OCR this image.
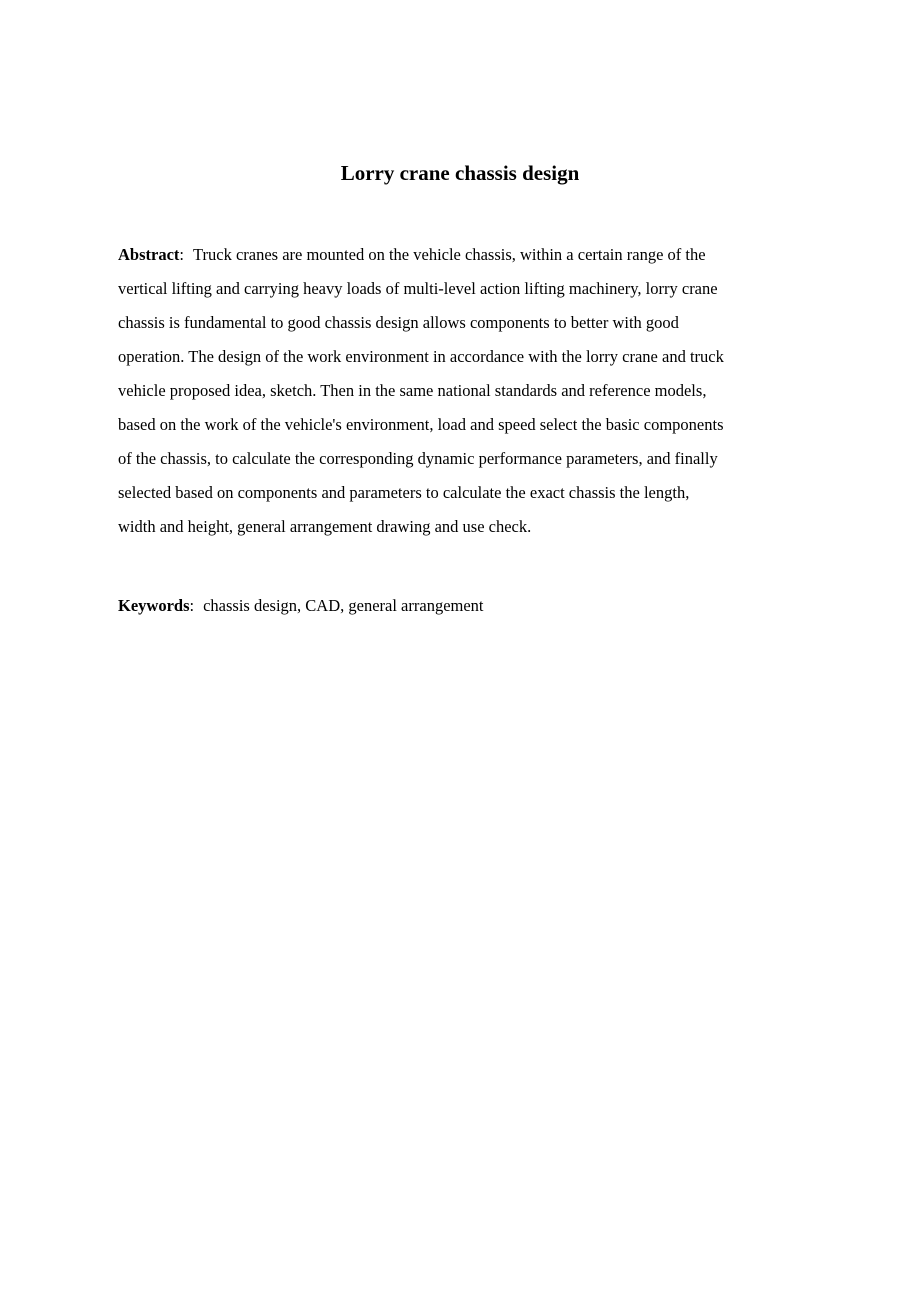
Lorry crane chassis design
Abstract: Truck cranes are mounted on the vehicle chassis, within a certain range of the
vertical lifting and carrying heavy loads of multi-level action lifting machinery, lorry crane
chassis is fundamental to good chassis design allows components to better with good
operation. The design of the work environment in accordance with the lorry crane and truck
vehicle proposed idea, sketch. Then in the same national standards and reference models,
based on the work of the vehicle's environment, load and speed select the basic components
of the chassis, to calculate the corresponding dynamic performance parameters, and finally
selected based on components and parameters to calculate the exact chassis the length,
width and height, general arrangement drawing and use check.
Keywords: chassis design, CAD, general arrangement
